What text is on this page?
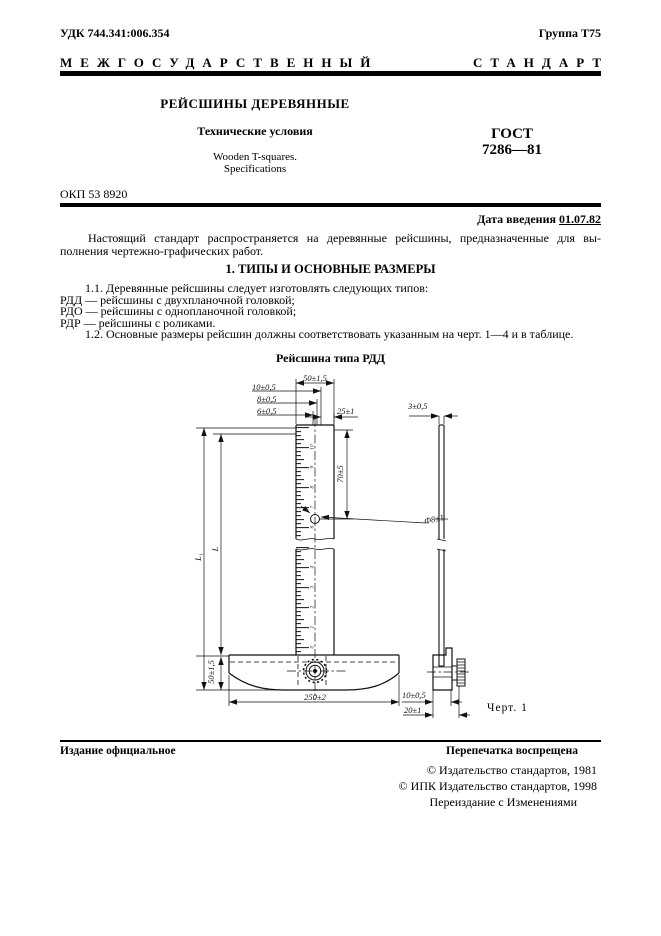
УДК 744.341:006.354	Группа Т75
МЕЖГОСУДАРСТВЕННЫЙ	СТАНДАРТ
РЕЙСШИНЫ ДЕРЕВЯННЫЕ
Технические условия
Wooden T-squares.
Specifications
ГОСТ
7286—81
ОКП 53 8920
Дата введения 01.07.82
Настоящий стандарт распространяется на деревянные рейсшины, предназначенные для вы-
полнения чертежно-графических работ.
1. ТИПЫ И ОСНОВНЫЕ РАЗМЕРЫ
1.1. Деревянные рейсшины следует изготовлять следующих типов:
РДД — рейсшины с двухпланочной головкой;
РДО — рейсшины с однопланочной головкой;
РДР — рейсшины с роликами.
1.2. Основные размеры рейсшин должны соответствовать указанным на черт. 1—4 и в таблице.
Рейсшина типа РДД
50±1,5
10±0,5
8±0,5
6±0,5	25±1	3±0,5
70±5
Ф8±1
L₁
L
50±1,5
250±2	10±0,5
20±1
10
9
8
7
6
4
3
2
1
0
Черт. 1
Издание официальное	Перепечатка воспрещена
© Издательство стандартов, 1981
© ИПК Издательство стандартов, 1998
Переиздание с Изменениями
